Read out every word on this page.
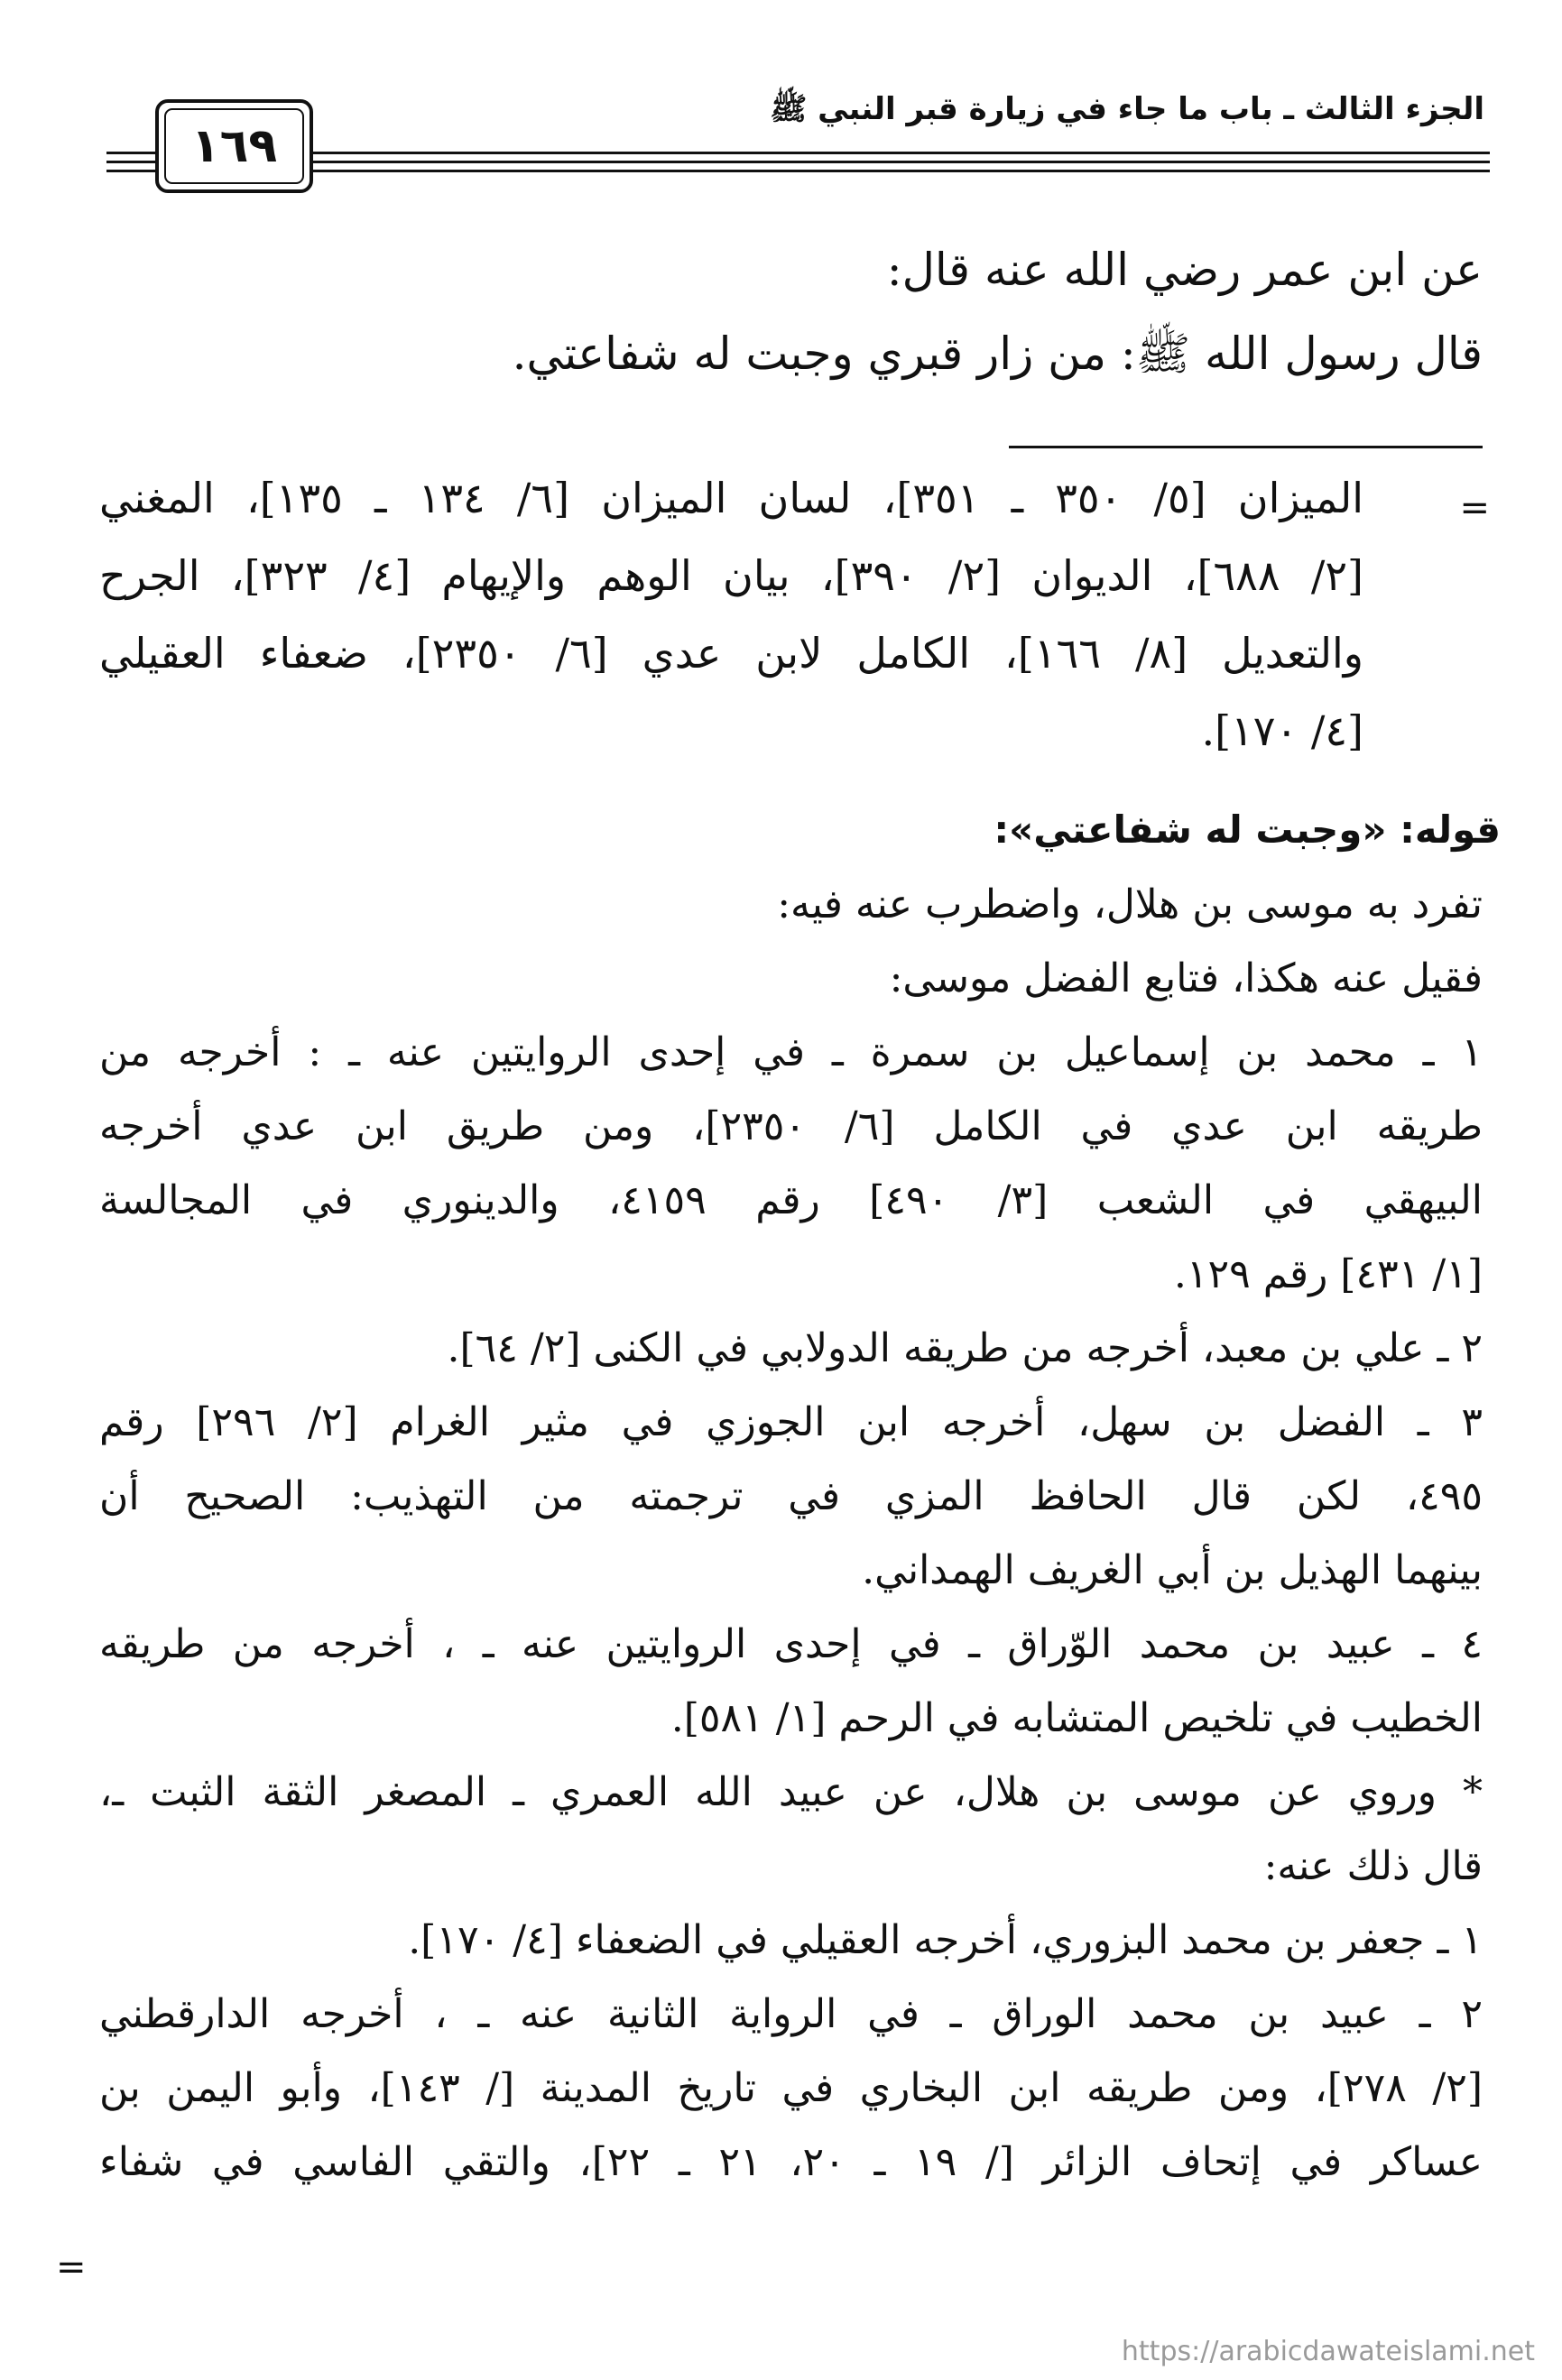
الجزء الثالث ـ باب ما جاء في زيارة قبر النبي ﷺ
١٦٩
عن ابن عمر رضي الله عنه قال:
قال رسول الله ﷺ: من زار قبري وجبت له شفاعتي.
=
الميزان [٥/ ٣٥٠ ـ ٣٥١]، لسان الميزان [٦/ ١٣٤ ـ ١٣٥]، المغني
[٢/ ٦٨٨]، الديوان [٢/ ٣٩٠]، بيان الوهم والإيهام [٤/ ٣٢٣]، الجرح
والتعديل [٨/ ١٦٦]، الكامل لابن عدي [٦/ ٢٣٥٠]، ضعفاء العقيلي
[٤/ ١٧٠].
قوله: «وجبت له شفاعتي»:
تفرد به موسى بن هلال، واضطرب عنه فيه:
فقيل عنه هكذا، فتابع الفضل موسى:
١ ـ محمد بن إسماعيل بن سمرة ـ في إحدى الروايتين عنه ـ : أخرجه من
طريقه ابن عدي في الكامل [٦/ ٢٣٥٠]، ومن طريق ابن عدي أخرجه
البيهقي في الشعب [٣/ ٤٩٠] رقم ٤١٥٩، والدينوري في المجالسة
[١/ ٤٣١] رقم ١٢٩.
٢ ـ علي بن معبد، أخرجه من طريقه الدولابي في الكنى [٢/ ٦٤].
٣ ـ الفضل بن سهل، أخرجه ابن الجوزي في مثير الغرام [٢/ ٢٩٦] رقم
٤٩٥، لكن قال الحافظ المزي في ترجمته من التهذيب: الصحيح أن
بينهما الهذيل بن أبي الغريف الهمداني.
٤ ـ عبيد بن محمد الوّراق ـ في إحدى الروايتين عنه ـ ، أخرجه من طريقه
الخطيب في تلخيص المتشابه في الرحم [١/ ٥٨١].
* وروي عن موسى بن هلال، عن عبيد الله العمري ـ المصغر الثقة الثبت ـ،
قال ذلك عنه:
١ ـ جعفر بن محمد البزوري، أخرجه العقيلي في الضعفاء [٤/ ١٧٠].
٢ ـ عبيد بن محمد الوراق ـ في الرواية الثانية عنه ـ ، أخرجه الدارقطني
[٢/ ٢٧٨]، ومن طريقه ابن البخاري في تاريخ المدينة [/ ١٤٣]، وأبو اليمن بن
عساكر في إتحاف الزائر [/ ١٩ ـ ٢٠، ٢١ ـ ٢٢]، والتقي الفاسي في شفاء
=
https://arabicdawateislami.net
